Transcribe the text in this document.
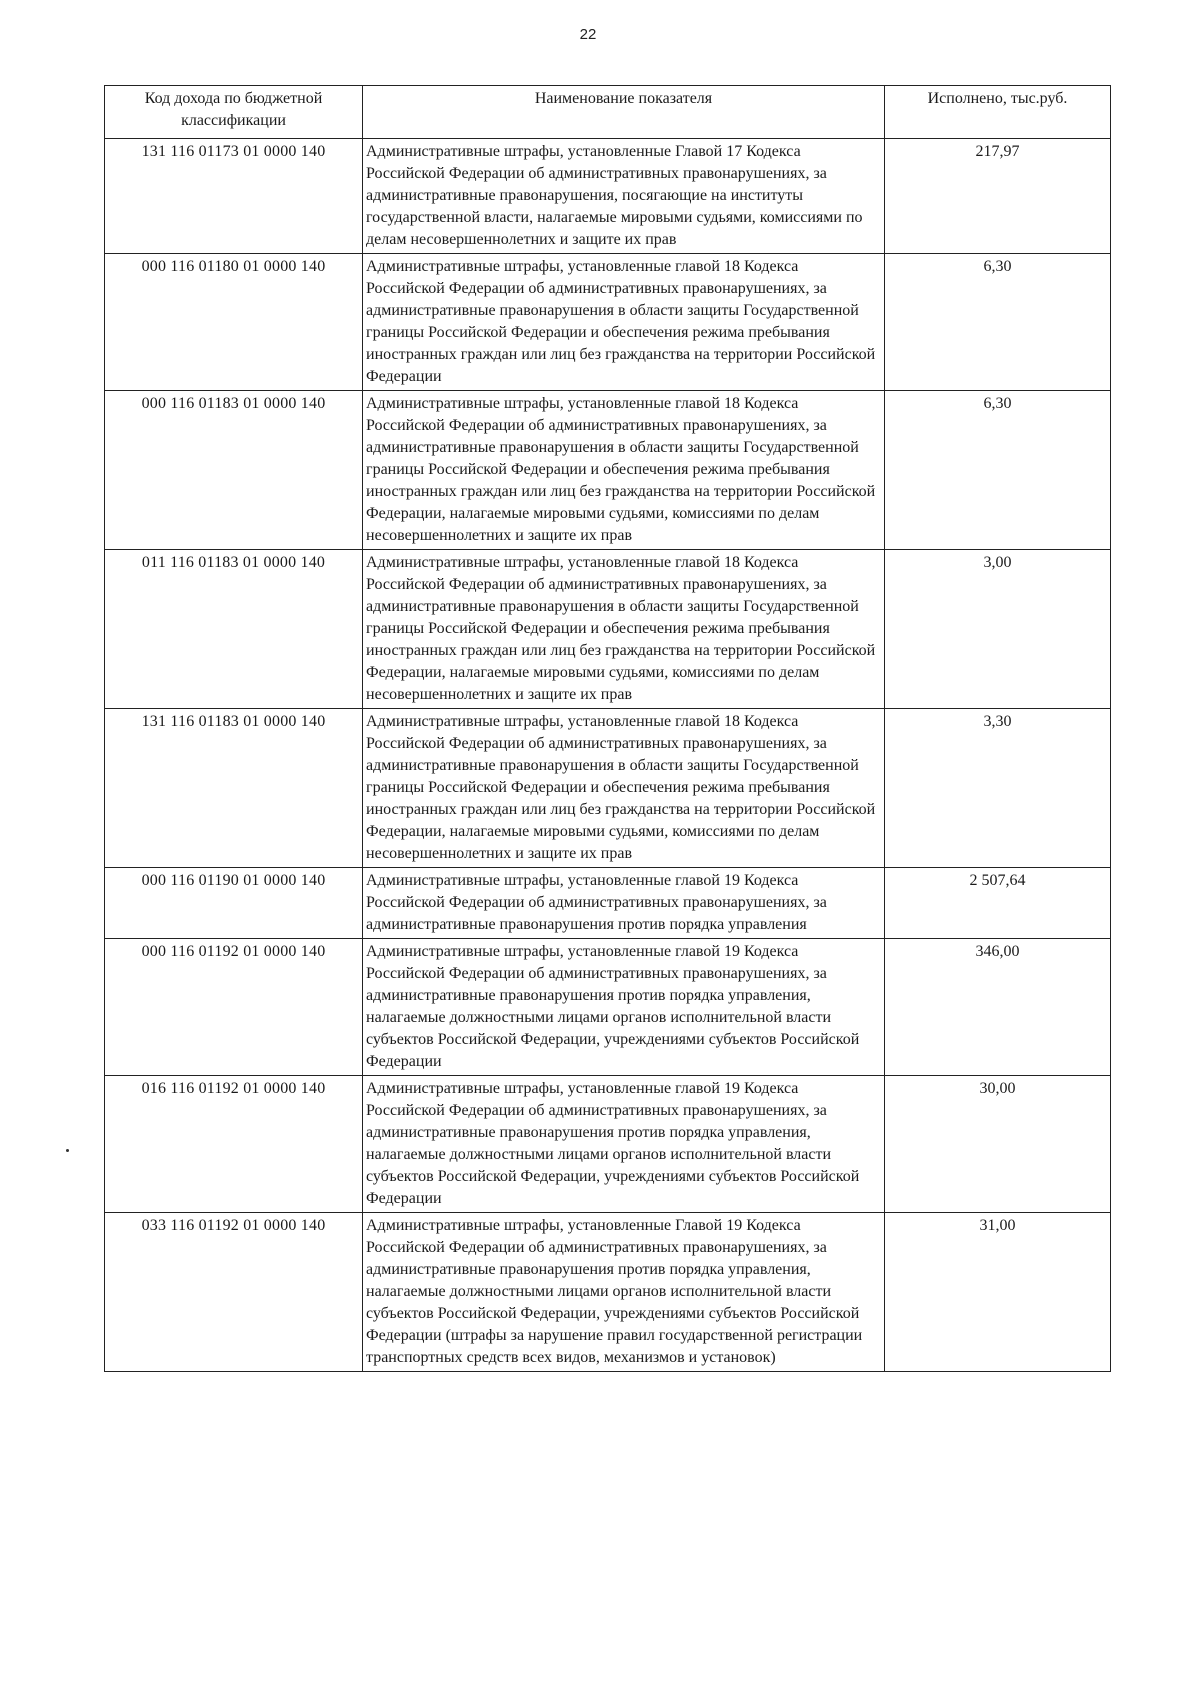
22
Код дохода по бюджетной классификации	Наименование показателя	Исполнено, тыс.руб.
131 116 01173 01 0000 140	Административные штрафы, установленные Главой 17 Кодекса Российской Федерации об административных правонарушениях, за административные правонарушения, посягающие на институты государственной власти, налагаемые мировыми судьями, комиссиями по делам несовершеннолетних и защите их прав	217,97
000 116 01180 01 0000 140	Административные штрафы, установленные главой 18 Кодекса Российской Федерации об административных правонарушениях, за административные правонарушения в области защиты Государственной границы Российской Федерации и обеспечения режима пребывания иностранных граждан или лиц без гражданства на территории Российской Федерации	6,30
000 116 01183 01 0000 140	Административные штрафы, установленные главой 18 Кодекса Российской Федерации об административных правонарушениях, за административные правонарушения в области защиты Государственной границы Российской Федерации и обеспечения режима пребывания иностранных граждан или лиц без гражданства на территории Российской Федерации, налагаемые мировыми судьями, комиссиями по делам несовершеннолетних и защите их прав	6,30
011 116 01183 01 0000 140	Административные штрафы, установленные главой 18 Кодекса Российской Федерации об административных правонарушениях, за административные правонарушения в области защиты Государственной границы Российской Федерации и обеспечения режима пребывания иностранных граждан или лиц без гражданства на территории Российской Федерации, налагаемые мировыми судьями, комиссиями по делам несовершеннолетних и защите их прав	3,00
131 116 01183 01 0000 140	Административные штрафы, установленные главой 18 Кодекса Российской Федерации об административных правонарушениях, за административные правонарушения в области защиты Государственной границы Российской Федерации и обеспечения режима пребывания иностранных граждан или лиц без гражданства на территории Российской Федерации, налагаемые мировыми судьями, комиссиями по делам несовершеннолетних и защите их прав	3,30
000 116 01190 01 0000 140	Административные штрафы, установленные главой 19 Кодекса Российской Федерации об административных правонарушениях, за административные правонарушения против порядка управления	2 507,64
000 116 01192 01 0000 140	Административные штрафы, установленные главой 19 Кодекса Российской Федерации об административных правонарушениях, за административные правонарушения против порядка управления, налагаемые должностными лицами органов исполнительной власти субъектов Российской Федерации, учреждениями субъектов Российской Федерации	346,00
016 116 01192 01 0000 140	Административные штрафы, установленные главой 19 Кодекса Российской Федерации об административных правонарушениях, за административные правонарушения против порядка управления, налагаемые должностными лицами органов исполнительной власти субъектов Российской Федерации, учреждениями субъектов Российской Федерации	30,00
033 116 01192 01 0000 140	Административные штрафы, установленные Главой 19 Кодекса Российской Федерации об административных правонарушениях, за административные правонарушения против порядка управления, налагаемые должностными лицами органов исполнительной власти субъектов Российской Федерации, учреждениями субъектов Российской Федерации (штрафы за нарушение правил государственной регистрации транспортных средств всех видов, механизмов и установок)	31,00
